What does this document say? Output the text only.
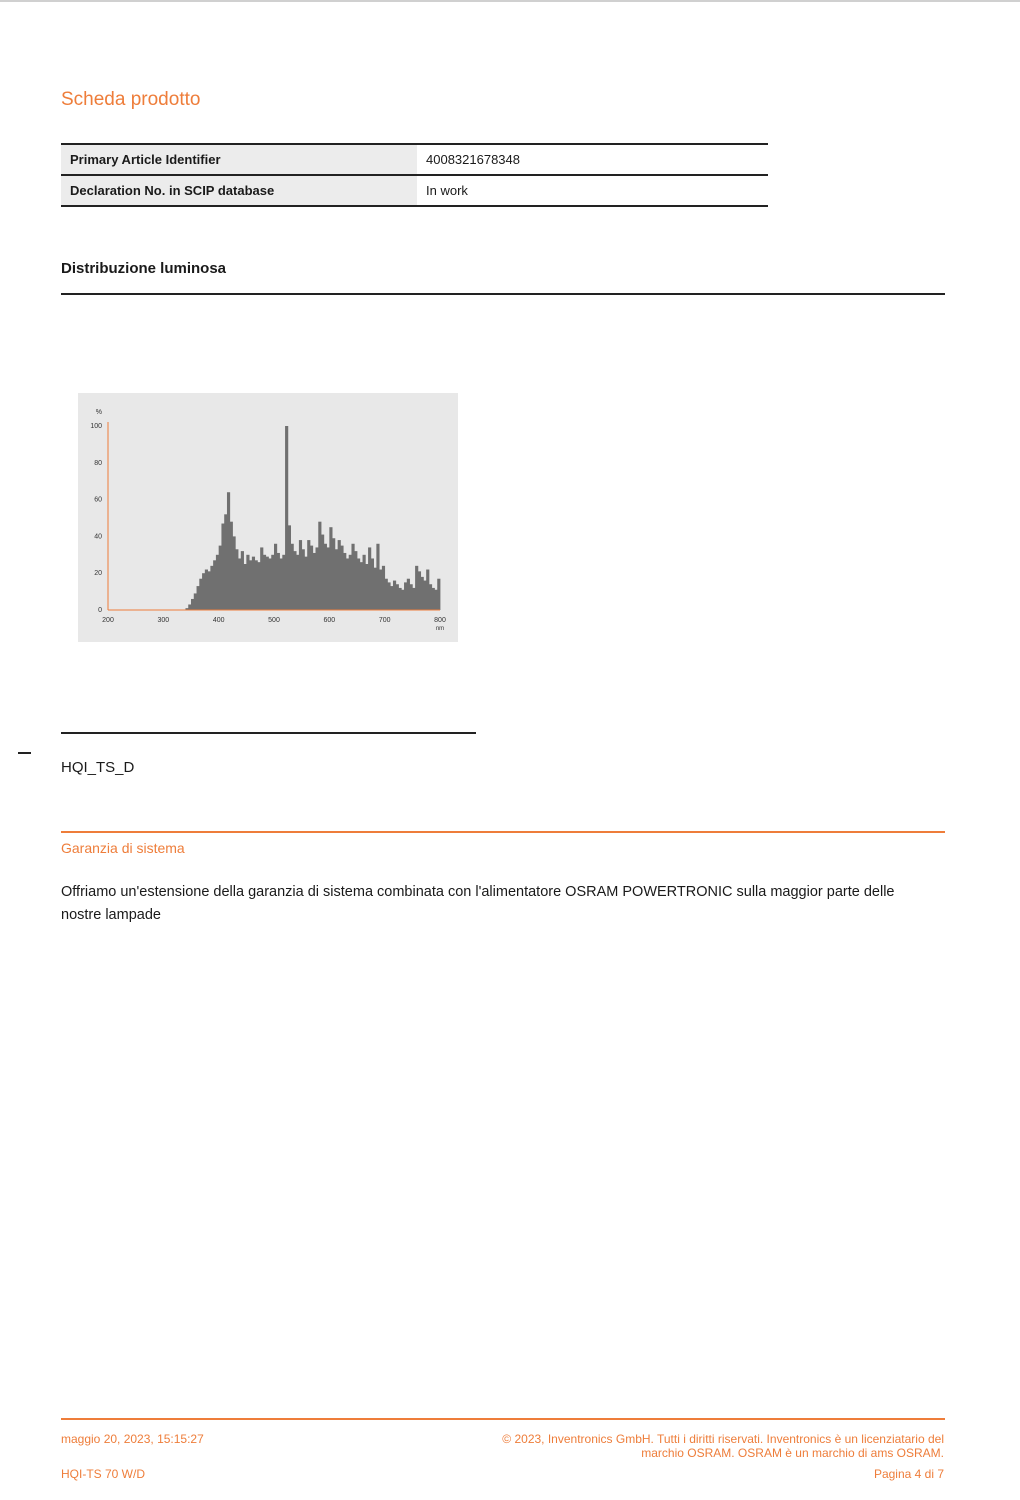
Scheda prodotto
Primary Article Identifier	4008321678348
Declaration No. in SCIP database	In work
Distribuzione luminosa
0
20
40
60
80
100
%
200	300	400	500	600	700	800
nm
HQI_TS_D
Garanzia di sistema
Offriamo un'estensione della garanzia di sistema combinata con l'alimentatore OSRAM POWERTRONIC sulla maggior parte delle nostre lampade
maggio 20, 2023, 15:15:27
HQI-TS 70 W/D
© 2023, Inventronics GmbH. Tutti i diritti riservati. Inventronics è un licenziatario del marchio OSRAM. OSRAM è un marchio di ams OSRAM.
Pagina 4 di 7
